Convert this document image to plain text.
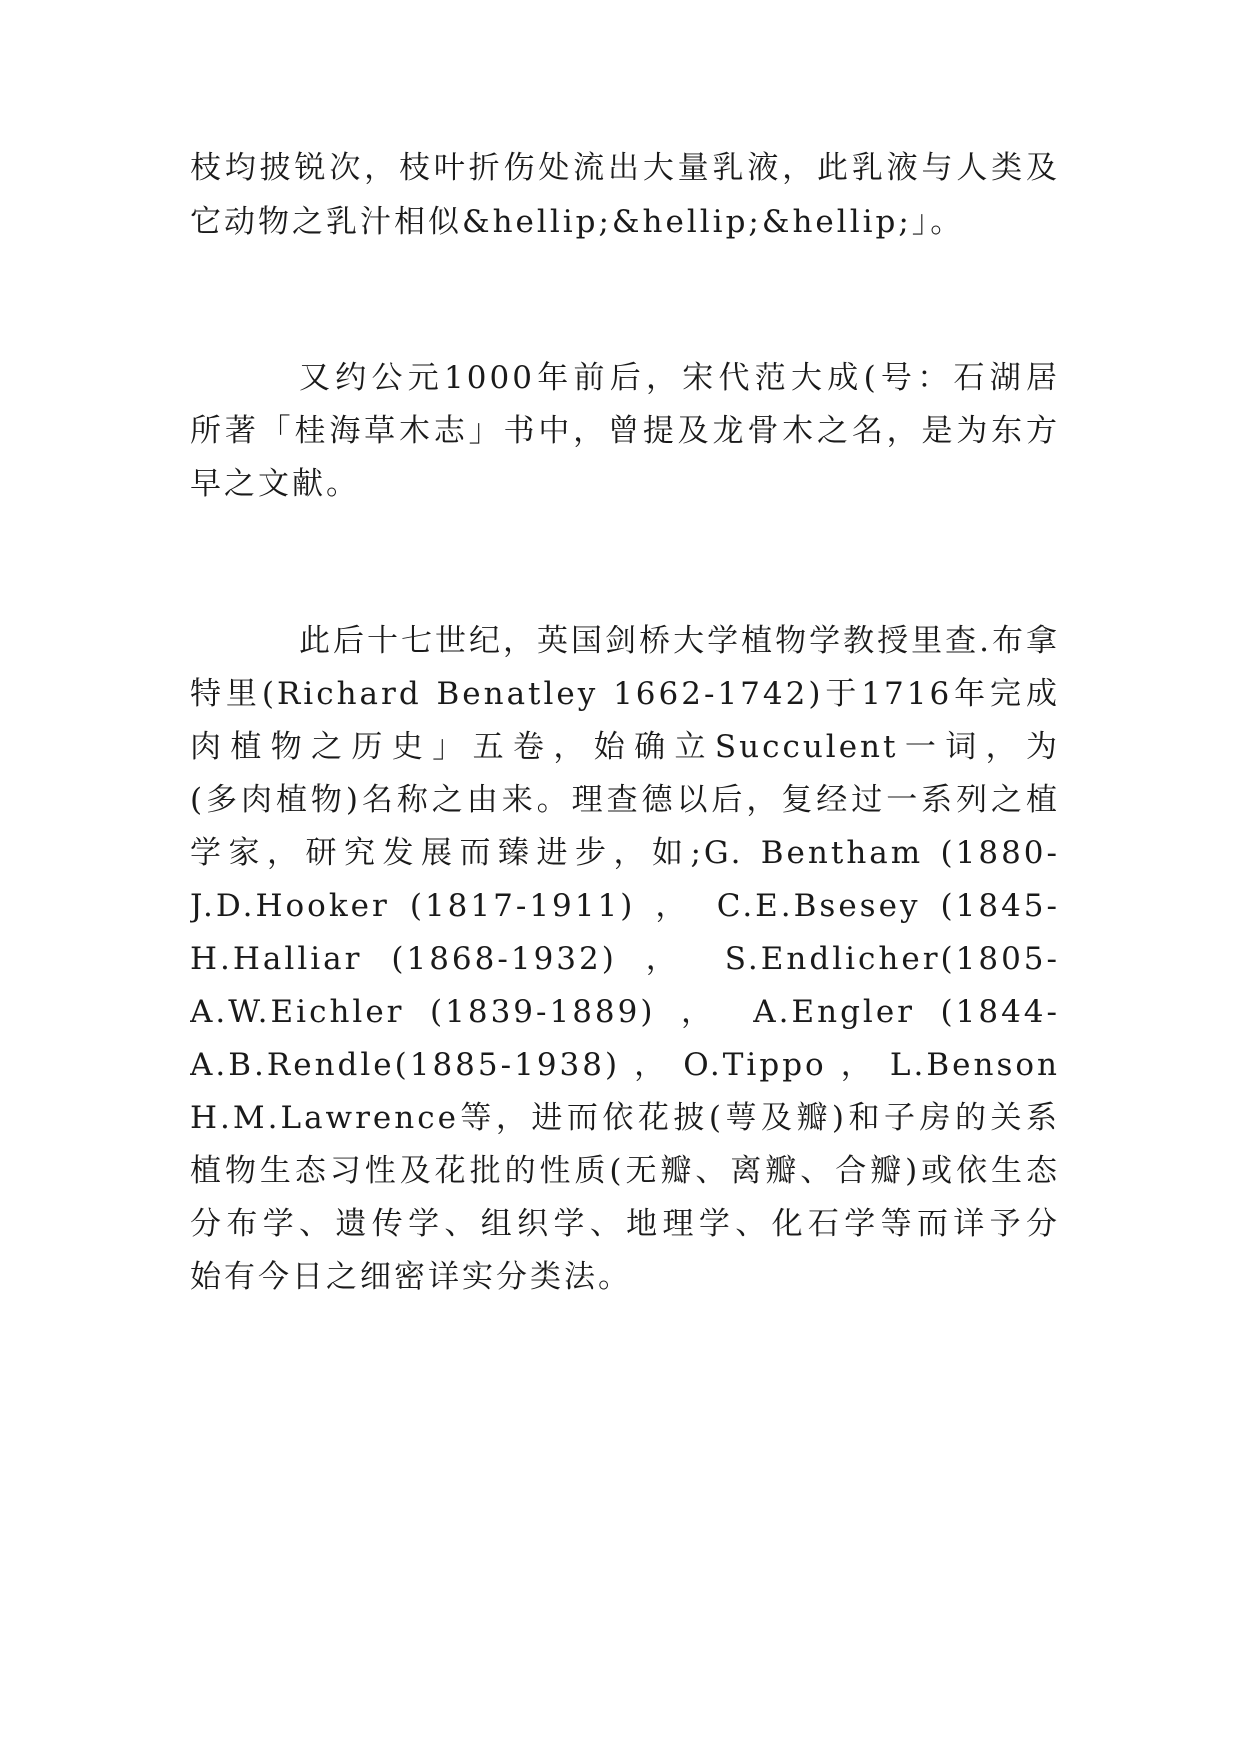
枝均披锐次，枝叶折伤处流出大量乳液，此乳液与人类及
它动物之乳汁相似&hellip;&hellip;&hellip;」。
又约公元1000年前后，宋代范大成(号：石湖居
所著「桂海草木志」书中，曾提及龙骨木之名，是为东方
早之文献。
此后十七世纪，英国剑桥大学植物学教授里查.布拿
特里(Richard Benatley 1662-1742)于1716年完成
肉植物之历史」五卷，始确立Succulent一词，为
(多肉植物)名称之由来。理查德以后，复经过一系列之植
学家，研究发展而臻进步，如;G. Bentham (1880-
J.D.Hooker (1817-1911) ， C.E.Bsesey (1845-
H.Halliar (1868-1932) ， S.Endlicher(1805-
A.W.Eichler (1839-1889) ， A.Engler (1844-
A.B.Rendle(1885-1938) ， O.Tippo ， L.Benson
H.M.Lawrence等，进而依花披(萼及瓣)和子房的关系
植物生态习性及花批的性质(无瓣、离瓣、合瓣)或依生态
分布学、遗传学、组织学、地理学、化石学等而详予分
始有今日之细密详实分类法。
